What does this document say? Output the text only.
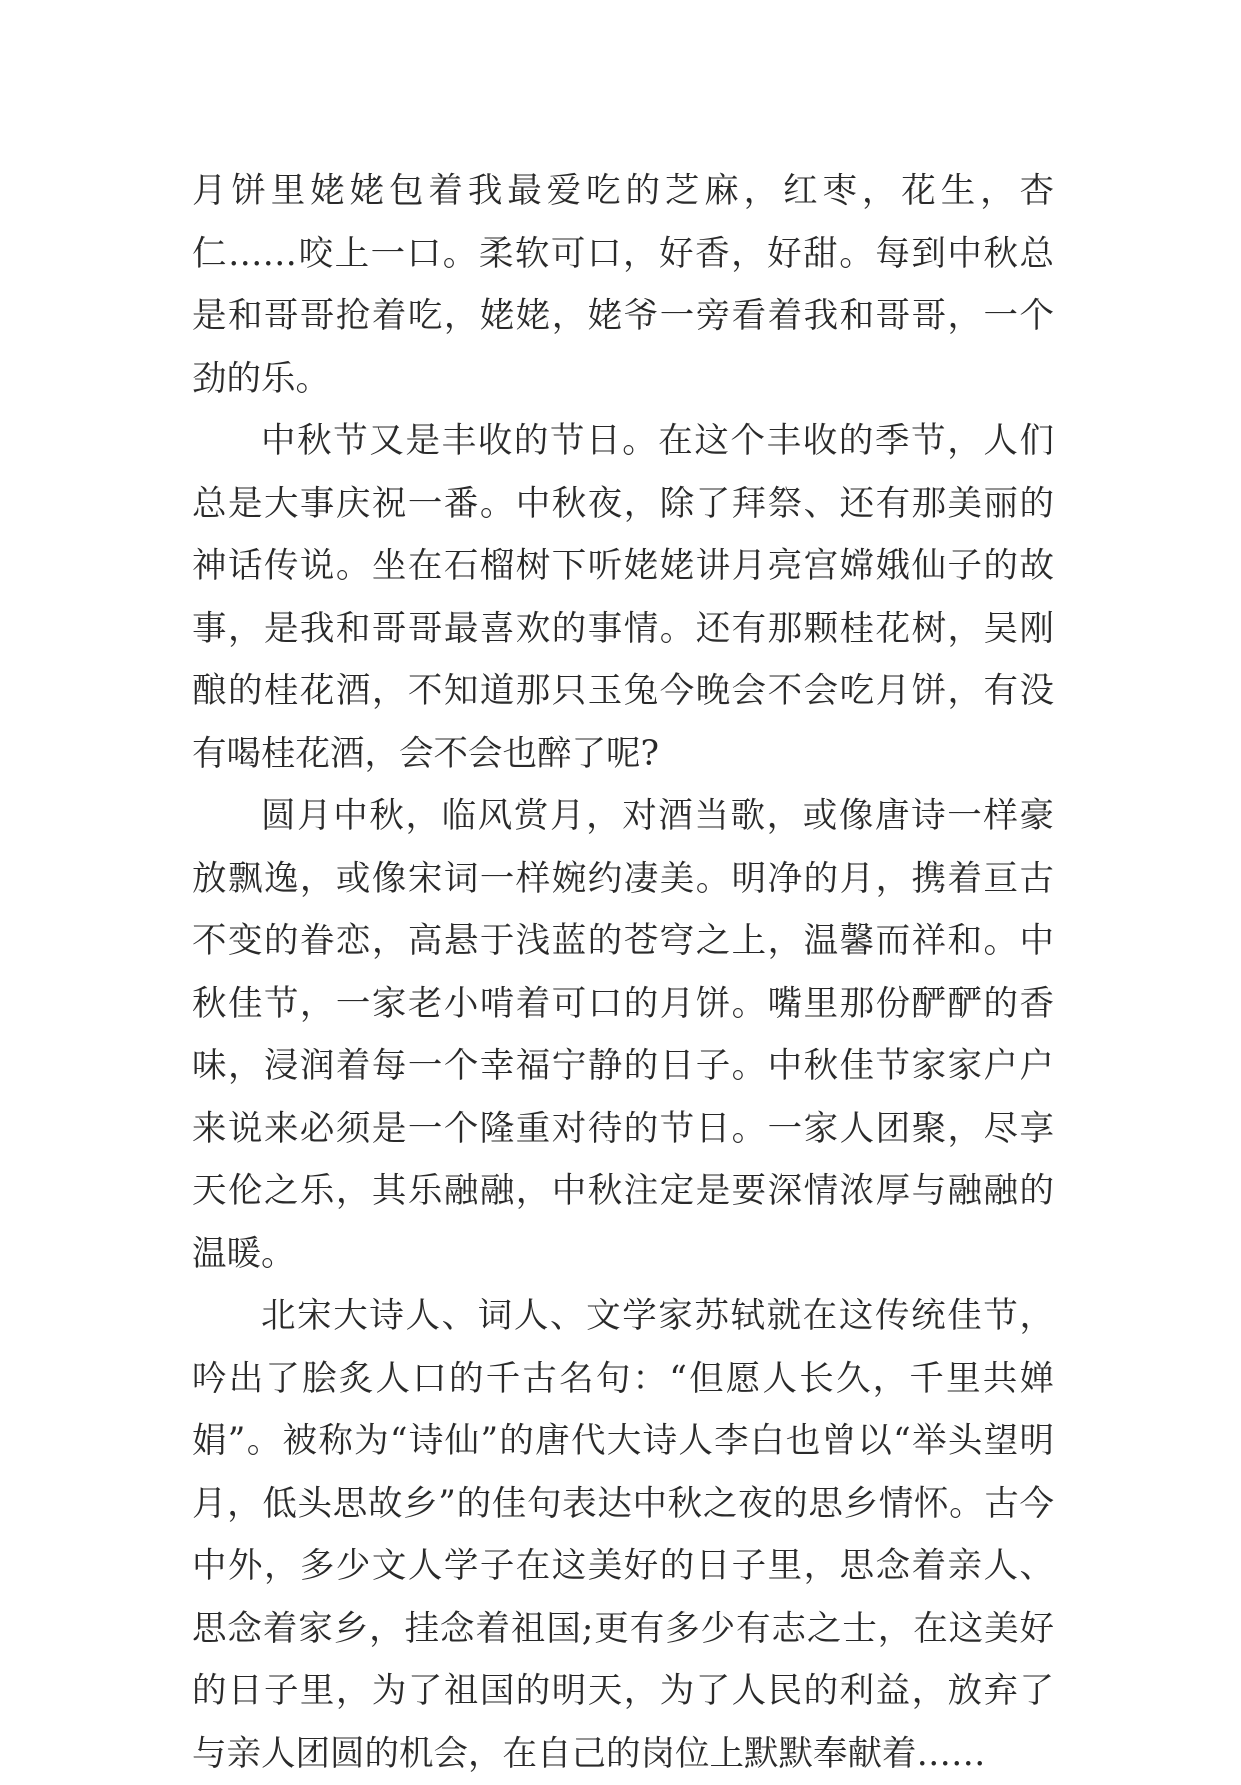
月饼里姥姥包着我最爱吃的芝麻，红枣，花生，杏仁……咬上一口。柔软可口，好香，好甜。每到中秋总是和哥哥抢着吃，姥姥，姥爷一旁看着我和哥哥，一个劲的乐。

中秋节又是丰收的节日。在这个丰收的季节，人们总是大事庆祝一番。中秋夜，除了拜祭、还有那美丽的神话传说。坐在石榴树下听姥姥讲月亮宫嫦娥仙子的故事，是我和哥哥最喜欢的事情。还有那颗桂花树，吴刚酿的桂花酒，不知道那只玉兔今晚会不会吃月饼，有没有喝桂花酒，会不会也醉了呢?

圆月中秋，临风赏月，对酒当歌，或像唐诗一样豪放飘逸，或像宋词一样婉约凄美。明净的月，携着亘古不变的眷恋，高悬于浅蓝的苍穹之上，温馨而祥和。中秋佳节，一家老小啃着可口的月饼。嘴里那份酽酽的香味，浸润着每一个幸福宁静的日子。中秋佳节家家户户来说来必须是一个隆重对待的节日。一家人团聚，尽享天伦之乐，其乐融融，中秋注定是要深情浓厚与融融的温暖。

北宋大诗人、词人、文学家苏轼就在这传统佳节，吟出了脍炙人口的千古名句：“但愿人长久，千里共婵娟”。被称为“诗仙”的唐代大诗人李白也曾以“举头望明月，低头思故乡”的佳句表达中秋之夜的思乡情怀。古今中外，多少文人学子在这美好的日子里，思念着亲人、思念着家乡，挂念着祖国;更有多少有志之士，在这美好的日子里，为了祖国的明天，为了人民的利益，放弃了与亲人团圆的机会，在自己的岗位上默默奉献着……
